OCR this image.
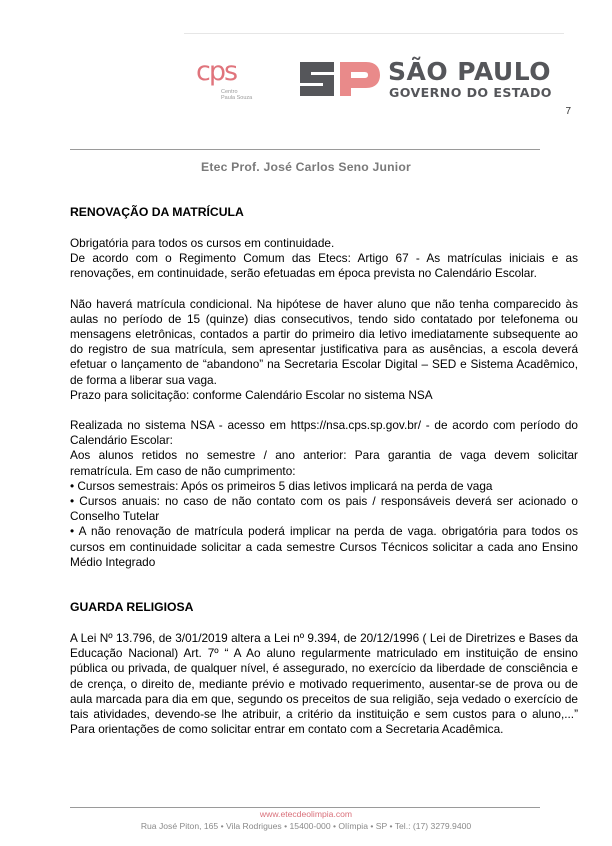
cps
Centro
Paula Souza
SÃO PAULO
GOVERNO DO ESTADO
7
Etec Prof. José Carlos Seno Junior
RENOVAÇÃO DA MATRÍCULA

Obrigatória para todos os cursos em continuidade.

De acordo com o Regimento Comum das Etecs: Artigo 67 - As matrículas iniciais e as renovações, em continuidade, serão efetuadas em época prevista no Calendário Escolar.

Não haverá matrícula condicional. Na hipótese de haver aluno que não tenha comparecido às aulas no período de 15 (quinze) dias consecutivos, tendo sido contatado por telefonema ou mensagens eletrônicas, contados a partir do primeiro dia letivo imediatamente subsequente ao do registro de sua matrícula, sem apresentar justificativa para as ausências, a escola deverá efetuar o lançamento de “abandono” na Secretaria Escolar Digital – SED e Sistema Acadêmico, de forma a liberar sua vaga.

Prazo para solicitação: conforme Calendário Escolar no sistema NSA

Realizada no sistema NSA - acesso em https://nsa.cps.sp.gov.br/ - de acordo com período do Calendário Escolar:

Aos alunos retidos no semestre / ano anterior: Para garantia de vaga devem solicitar rematrícula. Em caso de não cumprimento:

• Cursos semestrais: Após os primeiros 5 dias letivos implicará na perda de vaga

• Cursos anuais: no caso de não contato com os pais / responsáveis deverá ser acionado o Conselho Tutelar

• A não renovação de matrícula poderá implicar na perda de vaga. obrigatória para todos os cursos em continuidade solicitar a cada semestre Cursos Técnicos solicitar a cada ano Ensino Médio Integrado

GUARDA RELIGIOSA

A Lei Nº 13.796, de 3/01/2019 altera a Lei nº 9.394, de 20/12/1996 ( Lei de Diretrizes e Bases da Educação Nacional) Art. 7º “ A Ao aluno regularmente matriculado em instituição de ensino pública ou privada, de qualquer nível, é assegurado, no exercício da liberdade de consciência e de crença, o direito de, mediante prévio e motivado requerimento, ausentar-se de prova ou de aula marcada para dia em que, segundo os preceitos de sua religião, seja vedado o exercício de tais atividades, devendo-se lhe atribuir, a critério da instituição e sem custos para o aluno,...” Para orientações de como solicitar entrar em contato com a Secretaria Acadêmica.

www.etecdeolimpia.com
Rua José Piton, 165 • Vila Rodrigues • 15400-000 • Olímpia • SP • Tel.: (17) 3279.9400
